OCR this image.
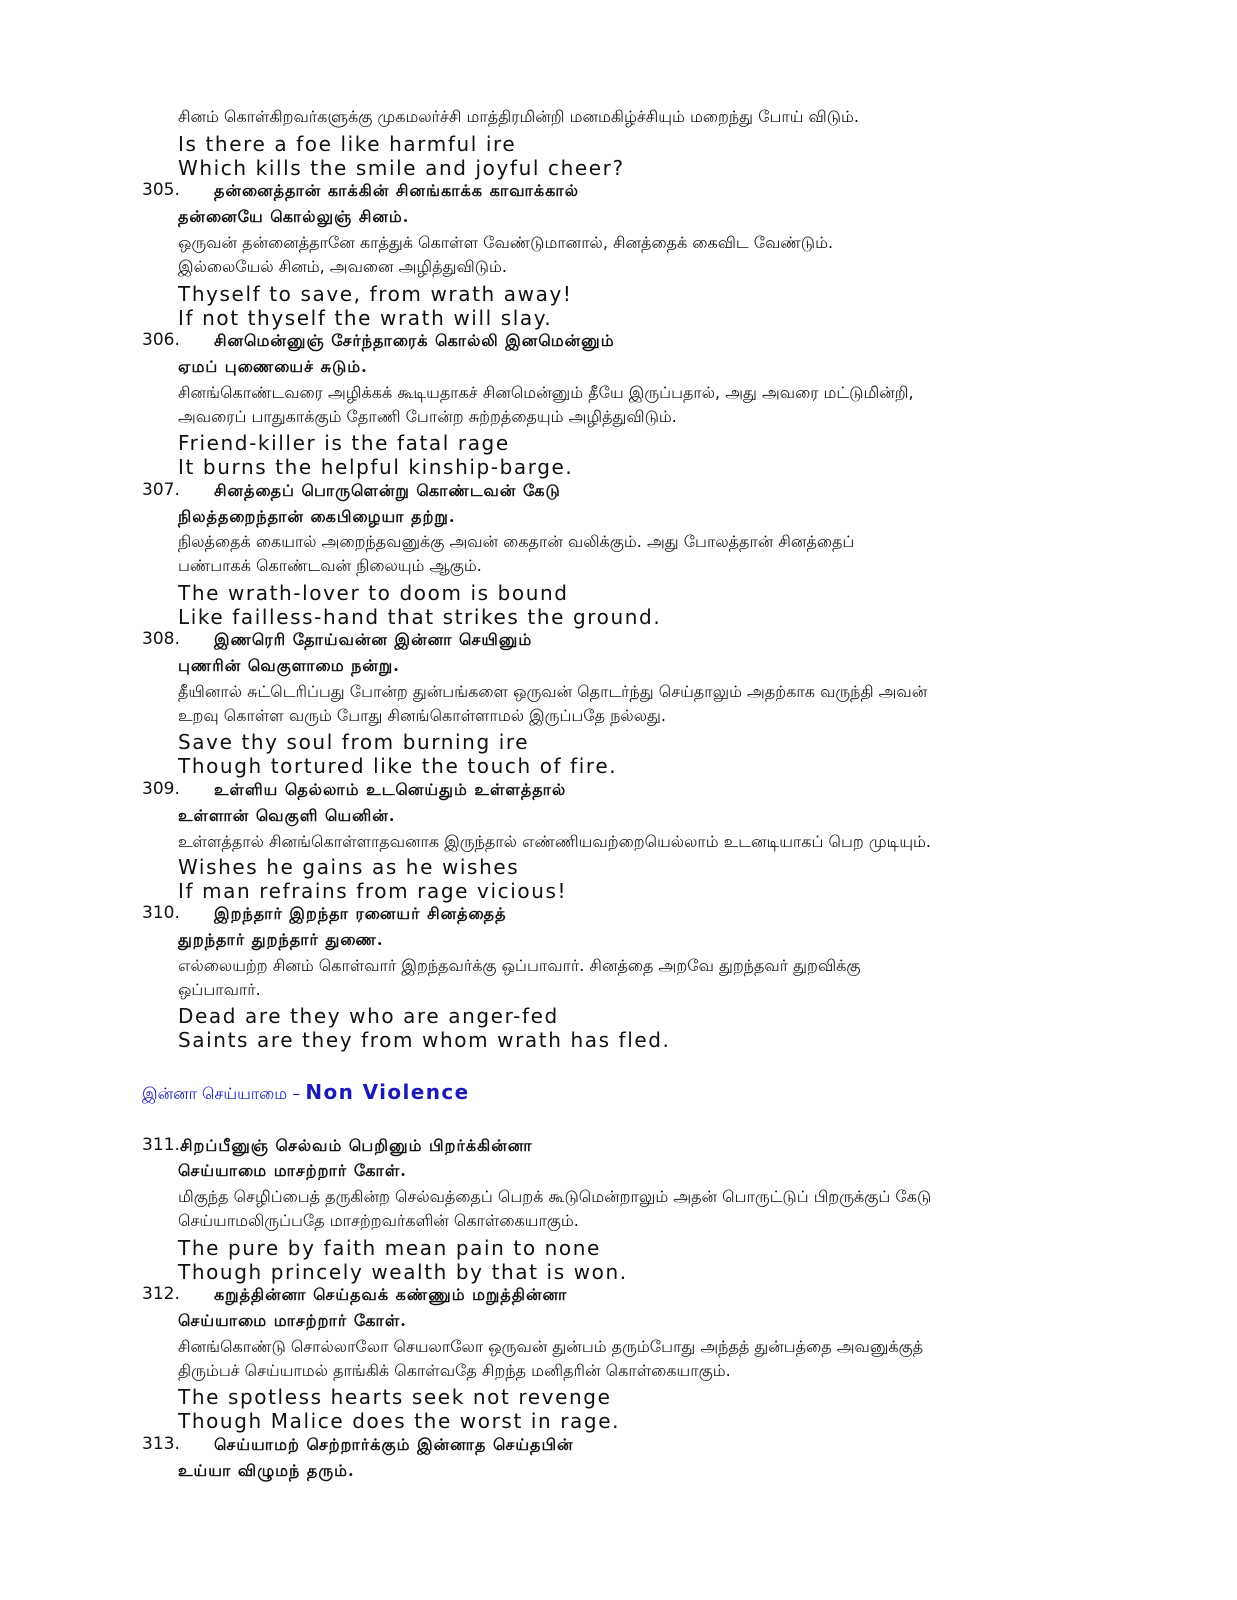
சினம் கொள்கிறவர்களுக்கு முகமலர்ச்சி மாத்திரமின்றி மனமகிழ்ச்சியும் மறைந்து போய் விடும்.
Is there a foe like harmful ire
Which kills the smile and joyful cheer?
305. தன்னைத்தான் காக்கின் சினங்காக்க காவாக்கால்
தன்னையே கொல்லுஞ் சினம்.
ஒருவன் தன்னைத்தானே காத்துக் கொள்ள வேண்டுமானால், சினத்தைக் கைவிட வேண்டும்.
இல்லையேல் சினம், அவனை அழித்துவிடும்.
Thyself to save, from wrath away!
If not thyself the wrath will slay.
306. சினமென்னுஞ் சேர்ந்தாரைக் கொல்லி இனமென்னும்
ஏமப் புணையைச் சுடும்.
சினங்கொண்டவரை அழிக்கக் கூடியதாகச் சினமென்னும் தீயே இருப்பதால், அது அவரை மட்டுமின்றி,
அவரைப் பாதுகாக்கும் தோணி போன்ற சுற்றத்தையும் அழித்துவிடும்.
Friend-killer is the fatal rage
It burns the helpful kinship-barge.
307. சினத்தைப் பொருளென்று கொண்டவன் கேடு
நிலத்தறைந்தான் கைபிழையா தற்று.
நிலத்தைக் கையால் அறைந்தவனுக்கு அவன் கைதான் வலிக்கும். அது போலத்தான் சினத்தைப்
பண்பாகக் கொண்டவன் நிலையும் ஆகும்.
The wrath-lover to doom is bound
Like failless-hand that strikes the ground.
308. இணரெரி தோய்வன்ன இன்னா செயினும்
புணரின் வெகுளாமை நன்று.
தீயினால் சுட்டெரிப்பது போன்ற துன்பங்களை ஒருவன் தொடர்ந்து செய்தாலும் அதற்காக வருந்தி அவன்
உறவு கொள்ள வரும் போது சினங்கொள்ளாமல் இருப்பதே நல்லது.
Save thy soul from burning ire
Though tortured like the touch of fire.
309. உள்ளிய தெல்லாம் உடனெய்தும் உள்ளத்தால்
உள்ளான் வெகுளி யெனின்.
உள்ளத்தால் சினங்கொள்ளாதவனாக இருந்தால் எண்ணியவற்றையெல்லாம் உடனடியாகப் பெற முடியும்.
Wishes he gains as he wishes
If man refrains from rage vicious!
310. இறந்தார் இறந்தா ரனையர் சினத்தைத்
துறந்தார் துறந்தார் துணை.
எல்லையற்ற சினம் கொள்வார் இறந்தவர்க்கு ஒப்பாவார். சினத்தை அறவே துறந்தவர் துறவிக்கு
ஒப்பாவார்.
Dead are they who are anger-fed
Saints are they from whom wrath has fled.
இன்னா செய்யாமை – Non Violence
311. சிறப்பீனுஞ் செல்வம் பெறினும் பிறர்க்கின்னா
செய்யாமை மாசற்றார் கோள்.
மிகுந்த செழிப்பைத் தருகின்ற செல்வத்தைப் பெறக் கூடுமென்றாலும் அதன் பொருட்டுப் பிறருக்குப் கேடு
செய்யாமலிருப்பதே மாசற்றவர்களின் கொள்கையாகும்.
The pure by faith mean pain to none
Though princely wealth by that is won.
312. கறுத்தின்னா செய்தவக் கண்ணும் மறுத்தின்னா
செய்யாமை மாசற்றார் கோள்.
சினங்கொண்டு சொல்லாலோ செயலாலோ ஒருவன் துன்பம் தரும்போது அந்தத் துன்பத்தை அவனுக்குத்
திரும்பச் செய்யாமல் தாங்கிக் கொள்வதே சிறந்த மனிதரின் கொள்கையாகும்.
The spotless hearts seek not revenge
Though Malice does the worst in rage.
313. செய்யாமற் செற்றார்க்கும் இன்னாத செய்தபின்
உய்யா விழுமந் தரும்.
